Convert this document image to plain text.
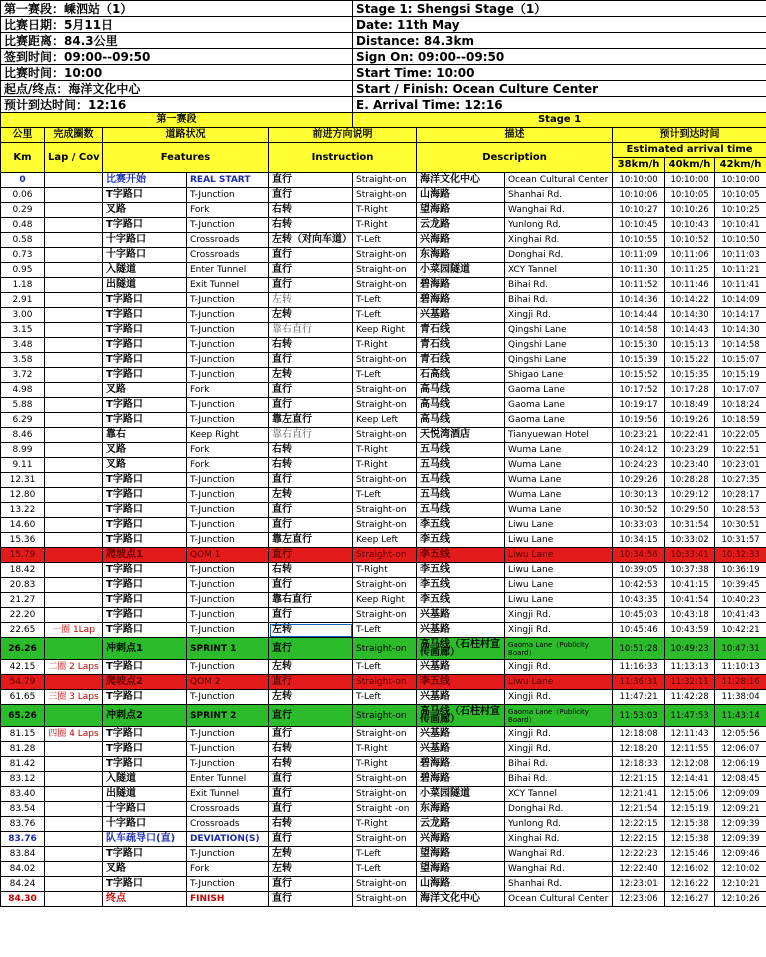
第一赛段：嵊泗站（1）					Stage 1: Shengsi Stage（1）					
比赛日期：5月11日					Date: 11th May					
比赛距离：84.3公里					Distance: 84.3km					
签到时间：09:00--09:50					Sign On: 09:00--09:50					
比赛时间：10:00					Start Time: 10:00					
起点/终点：海洋文化中心					Start / Finish: Ocean Culture Center					
预计到达时间：12:16					E. Arrival Time: 12:16					
第一赛段					Stage 1					
公里	完成圈数	道路状况		前进方向说明		描述		预计到达时间		
Km	Lap / Cov	Features		Instruction		Description		Estimated arrival time		
								38km/h	40km/h	42km/h
0		比赛开始	REAL START	直行	Straight-on	海洋文化中心	Ocean Cultural Center	10:10:00	10:10:00	10:10:00
0.06		T字路口	T-Junction	直行	Straight-on	山海路	Shanhai Rd.	10:10:06	10:10:05	10:10:05
0.29		叉路	Fork	右转	T-Right	望海路	Wanghai Rd.	10:10:27	10:10:26	10:10:25
0.48		T字路口	T-Junction	右转	T-Right	云龙路	Yunlong Rd.	10:10:45	10:10:43	10:10:41
0.58		十字路口	Crossroads	左转（对向车道）	T-Left	兴海路	Xinghai Rd.	10:10:55	10:10:52	10:10:50
0.73		十字路口	Crossroads	直行	Straight-on	东海路	Donghai Rd.	10:11:09	10:11:06	10:11:03
0.95		入隧道	Enter Tunnel	直行	Straight-on	小菜园隧道	XCY Tannel	10:11:30	10:11:25	10:11:21
1.18		出隧道	Exit Tunnel	直行	Straight-on	碧海路	Bihai Rd.	10:11:52	10:11:46	10:11:41
2.91		T字路口	T-Junction	左转	T-Left	碧海路	Bihai Rd.	10:14:36	10:14:22	10:14:09
3.00		T字路口	T-Junction	左转	T-Left	兴基路	Xingji Rd.	10:14:44	10:14:30	10:14:17
3.15		T字路口	T-Junction	靠右直行	Keep Right	青石线	Qingshi Lane	10:14:58	10:14:43	10:14:30
3.48		T字路口	T-Junction	右转	T-Right	青石线	Qingshi Lane	10:15:30	10:15:13	10:14:58
3.58		T字路口	T-Junction	直行	Straight-on	青石线	Qingshi Lane	10:15:39	10:15:22	10:15:07
3.72		T字路口	T-Junction	左转	T-Left	石高线	Shigao Lane	10:15:52	10:15:35	10:15:19
4.98		叉路	Fork	直行	Straight-on	高马线	Gaoma Lane	10:17:52	10:17:28	10:17:07
5.88		T字路口	T-Junction	直行	Straight-on	高马线	Gaoma Lane	10:19:17	10:18:49	10:18:24
6.29		T字路口	T-Junction	靠左直行	Keep Left	高马线	Gaoma Lane	10:19:56	10:19:26	10:18:59
8.46		靠右	Keep Right	靠右直行	Straight-on	天悦湾酒店	Tianyuewan Hotel	10:23:21	10:22:41	10:22:05
8.99		叉路	Fork	右转	T-Right	五马线	Wuma Lane	10:24:12	10:23:29	10:22:51
9.11		叉路	Fork	右转	T-Right	五马线	Wuma Lane	10:24:23	10:23:40	10:23:01
12.31		T字路口	T-Junction	直行	Straight-on	五马线	Wuma Lane	10:29:26	10:28:28	10:27:35
12.80		T字路口	T-Junction	左转	T-Left	五马线	Wuma Lane	10:30:13	10:29:12	10:28:17
13.22		T字路口	T-Junction	直行	Straight-on	五马线	Wuma Lane	10:30:52	10:29:50	10:28:53
14.60		T字路口	T-Junction	直行	Straight-on	李五线	Liwu Lane	10:33:03	10:31:54	10:30:51
15.36		T字路口	T-Junction	靠左直行	Keep Left	李五线	Liwu Lane	10:34:15	10:33:02	10:31:57
15.79		爬坡点1	QOM 1	直行	Straight-on	李五线	Liwu Lane	10:34:56	10:33:41	10:32:33
18.42		T字路口	T-Junction	右转	T-Right	李五线	Liwu Lane	10:39:05	10:37:38	10:36:19
20.83		T字路口	T-Junction	直行	Straight-on	李五线	Liwu Lane	10:42:53	10:41:15	10:39:45
21.27		T字路口	T-Junction	靠右直行	Keep Right	李五线	Liwu Lane	10:43:35	10:41:54	10:40:23
22.20		T字路口	T-Junction	直行	Straight-on	兴基路	Xingji Rd.	10:45:03	10:43:18	10:41:43
22.65	一圈 1Lap	T字路口	T-Junction	左转	T-Left	兴基路	Xingji Rd.	10:45:46	10:43:59	10:42:21
26.26		冲刺点1	SPRINT 1	直行	Straight-on	高马线（石柱村宣传画廊）	Gaoma Lane（Publicity Board）	10:51:28	10:49:23	10:47:31
42.15	二圈 2 Laps	T字路口	T-Junction	左转	T-Left	兴基路	Xingji Rd.	11:16:33	11:13:13	11:10:13
54.79		爬坡点2	QOM 2	直行	Straight-on	李五线	Liwu Lane	11:36:31	11:32:11	11:28:16
61.65	三圈 3 Laps	T字路口	T-Junction	左转	T-Left	兴基路	Xingji Rd.	11:47:21	11:42:28	11:38:04
65.26		冲刺点2	SPRINT 2	直行	Straight-on	高马线（石柱村宣传画廊）	Gaoma Lane（Publicity Board）	11:53:03	11:47:53	11:43:14
81.15	四圈 4 Laps	T字路口	T-Junction	直行	Straight-on	兴基路	Xingji Rd.	12:18:08	12:11:43	12:05:56
81.28		T字路口	T-Junction	右转	T-Right	兴基路	Xingji Rd.	12:18:20	12:11:55	12:06:07
81.42		T字路口	T-Junction	右转	T-Right	碧海路	Bihai Rd.	12:18:33	12:12:08	12:06:19
83.12		入隧道	Enter Tunnel	直行	Straight-on	碧海路	Bihai Rd.	12:21:15	12:14:41	12:08:45
83.40		出隧道	Exit Tunnel	直行	Straight-on	小菜园隧道	XCY Tannel	12:21:41	12:15:06	12:09:09
83.54		十字路口	Crossroads	直行	Straight -on	东海路	Donghai Rd.	12:21:54	12:15:19	12:09:21
83.76		十字路口	Crossroads	右转	T-Right	云龙路	Yunlong Rd.	12:22:15	12:15:38	12:09:39
83.76		队车疏导口(直)	DEVIATION(S)	直行	Straight-on	兴海路	Xinghai Rd.	12:22:15	12:15:38	12:09:39
83.84		T字路口	T-Junction	左转	T-Left	望海路	Wanghai Rd.	12:22:23	12:15:46	12:09:46
84.02		叉路	Fork	左转	T-Left	望海路	Wanghai Rd.	12:22:40	12:16:02	12:10:02
84.24		T字路口	T-Junction	直行	Straight-on	山海路	Shanhai Rd.	12:23:01	12:16:22	12:10:21
84.30		终点	FINISH	直行	Straight-on	海洋文化中心	Ocean Cultural Center	12:23:06	12:16:27	12:10:26
